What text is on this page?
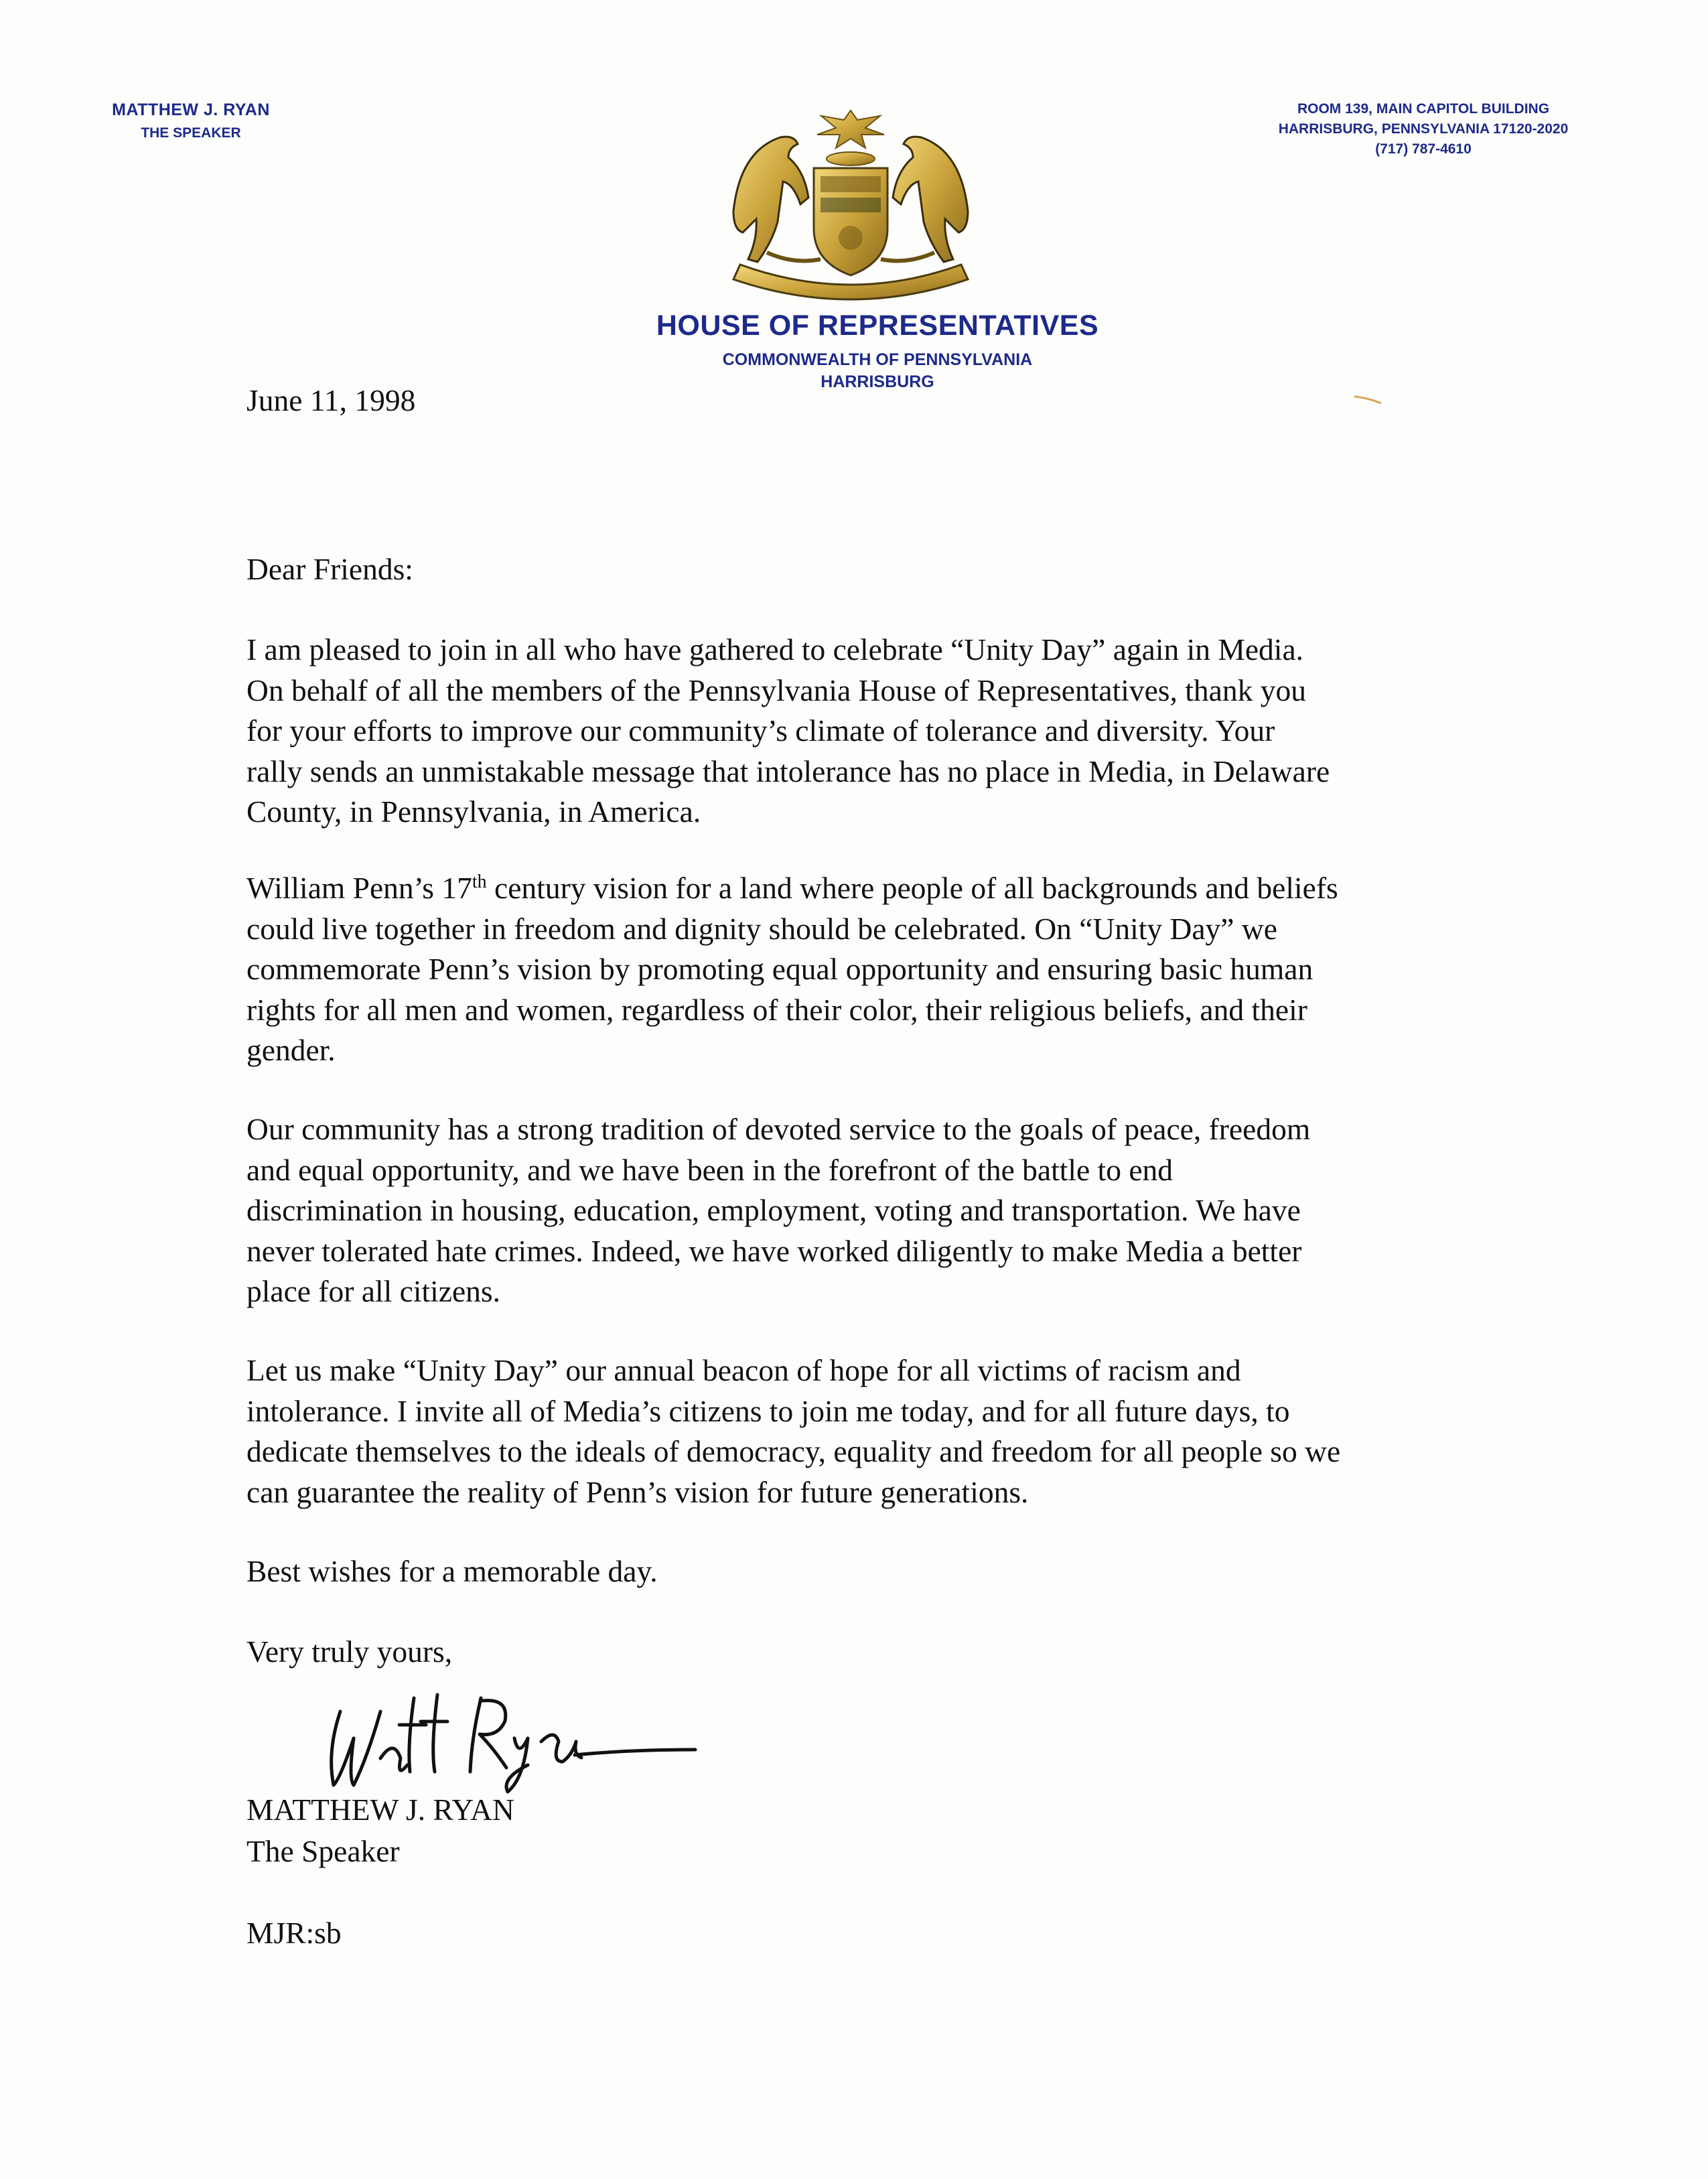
MATTHEW J. RYAN
THE SPEAKER
ROOM 139, MAIN CAPITOL BUILDING
HARRISBURG, PENNSYLVANIA 17120-2020
(717) 787-4610
HOUSE OF REPRESENTATIVES
COMMONWEALTH OF PENNSYLVANIA
HARRISBURG
June 11, 1998
Dear Friends:
I am pleased to join in all who have gathered to celebrate “Unity Day” again in Media.
On behalf of all the members of the Pennsylvania House of Representatives, thank you
for your efforts to improve our community’s climate of tolerance and diversity. Your
rally sends an unmistakable message that intolerance has no place in Media, in Delaware
County, in Pennsylvania, in America.
William Penn’s 17th century vision for a land where people of all backgrounds and beliefs
could live together in freedom and dignity should be celebrated. On “Unity Day” we
commemorate Penn’s vision by promoting equal opportunity and ensuring basic human
rights for all men and women, regardless of their color, their religious beliefs, and their
gender.
Our community has a strong tradition of devoted service to the goals of peace, freedom
and equal opportunity, and we have been in the forefront of the battle to end
discrimination in housing, education, employment, voting and transportation. We have
never tolerated hate crimes. Indeed, we have worked diligently to make Media a better
place for all citizens.
Let us make “Unity Day” our annual beacon of hope for all victims of racism and
intolerance. I invite all of Media’s citizens to join me today, and for all future days, to
dedicate themselves to the ideals of democracy, equality and freedom for all people so we
can guarantee the reality of Penn’s vision for future generations.
Best wishes for a memorable day.
Very truly yours,
MATTHEW J. RYAN
The Speaker
MJR:sb
